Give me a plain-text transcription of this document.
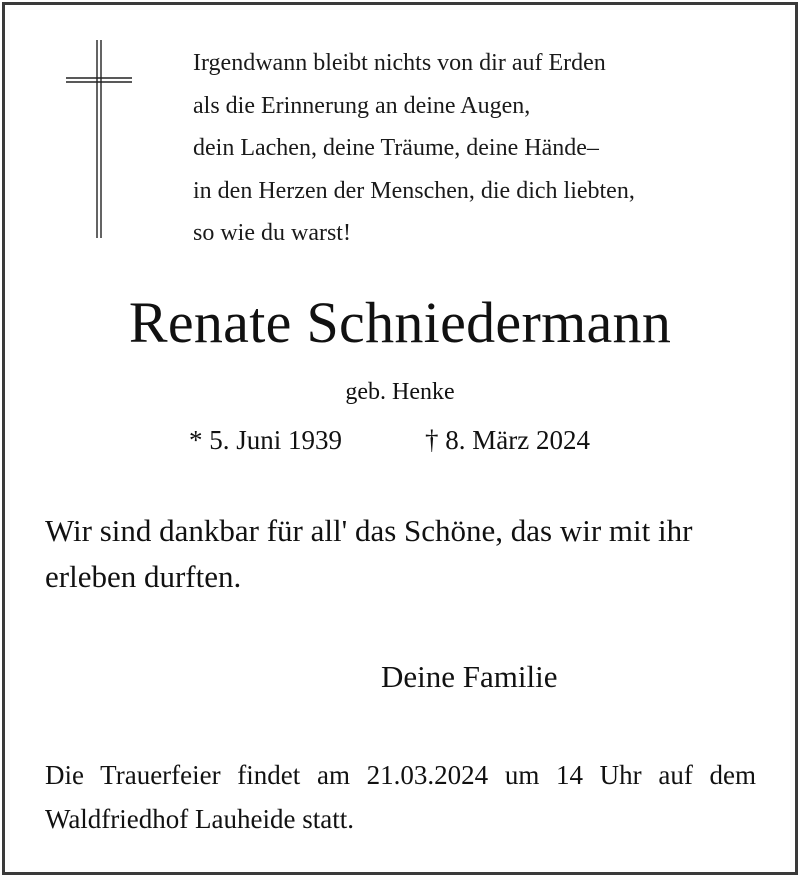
Irgendwann bleibt nichts von dir auf Erden
als die Erinnerung an deine Augen,
dein Lachen, deine Träume, deine Hände–
in den Herzen der Menschen, die dich liebten,
so wie du warst!
Renate Schniedermann
geb. Henke
* 5. Juni 1939	† 8. März 2024

Wir sind dankbar für all' das Schöne, das wir mit ihr erleben durften.

Deine Familie

Die Trauerfeier findet am 21.03.2024 um 14 Uhr auf dem Waldfriedhof Lauheide statt.
